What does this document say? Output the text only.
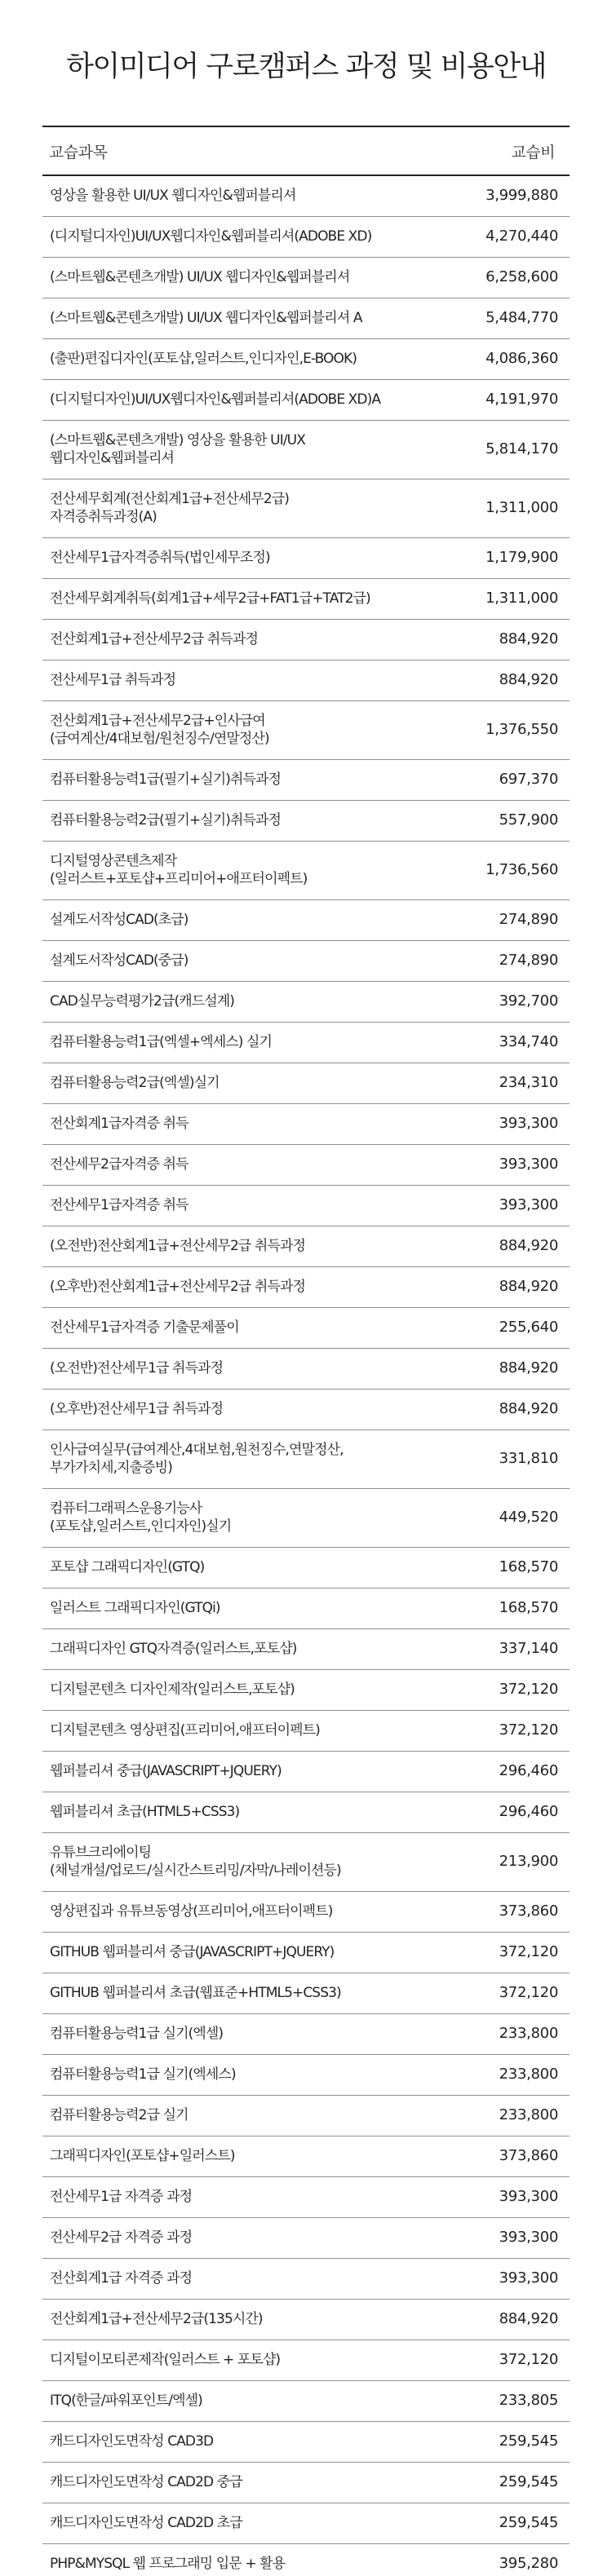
하이미디어 구로캠퍼스 과정 및 비용안내
교습과목	교습비
영상을 활용한 UI/UX 웹디자인&웹퍼블리셔	3,999,880
(디지털디자인)UI/UX웹디자인&웹퍼블리셔(ADOBE XD)	4,270,440
(스마트웹&콘텐츠개발) UI/UX 웹디자인&웹퍼블리셔	6,258,600
(스마트웹&콘텐츠개발) UI/UX 웹디자인&웹퍼블리셔 A	5,484,770
(출판)편집디자인(포토샵,일러스트,인디자인,E-BOOK)	4,086,360
(디지털디자인)UI/UX웹디자인&웹퍼블리셔(ADOBE XD)A	4,191,970
(스마트웹&콘텐츠개발) 영상을 활용한 UI/UX
웹디자인&웹퍼블리셔	5,814,170
전산세무회계(전산회계1급+전산세무2급)
자격증취득과정(A)	1,311,000
전산세무1급자격증취득(법인세무조정)	1,179,900
전산세무회계취득(회계1급+세무2급+FAT1급+TAT2급)	1,311,000
전산회계1급+전산세무2급 취득과정	884,920
전산세무1급 취득과정	884,920
전산회계1급+전산세무2급+인사급여
(급여계산/4대보험/원천징수/연말정산)	1,376,550
컴퓨터활용능력1급(필기+실기)취득과정	697,370
컴퓨터활용능력2급(필기+실기)취득과정	557,900
디지털영상콘텐츠제작
(일러스트+포토샵+프리미어+애프터이펙트)	1,736,560
설계도서작성CAD(초급)	274,890
설계도서작성CAD(중급)	274,890
CAD실무능력평가2급(캐드설계)	392,700
컴퓨터활용능력1급(엑셀+엑세스) 실기	334,740
컴퓨터활용능력2급(엑셀)실기	234,310
전산회계1급자격증 취득	393,300
전산세무2급자격증 취득	393,300
전산세무1급자격증 취득	393,300
(오전반)전산회계1급+전산세무2급 취득과정	884,920
(오후반)전산회계1급+전산세무2급 취득과정	884,920
전산세무1급자격증 기출문제풀이	255,640
(오전반)전산세무1급 취득과정	884,920
(오후반)전산세무1급 취득과정	884,920
인사급여실무(급여계산,4대보험,원천징수,연말정산,
부가가치세,지출증빙)	331,810
컴퓨터그래픽스운용기능사
(포토샵,일러스트,인디자인)실기	449,520
포토샵 그래픽디자인(GTQ)	168,570
일러스트 그래픽디자인(GTQi)	168,570
그래픽디자인 GTQ자격증(일러스트,포토샵)	337,140
디지털콘텐츠 디자인제작(일러스트,포토샵)	372,120
디지털콘텐츠 영상편집(프리미어,애프터이펙트)	372,120
웹퍼블리셔 중급(JAVASCRIPT+JQUERY)	296,460
웹퍼블리셔 초급(HTML5+CSS3)	296,460
유튜브크리에이팅
(채널개설/업로드/실시간스트리밍/자막/나레이션등)	213,900
영상편집과 유튜브동영상(프리미어,애프터이펙트)	373,860
GITHUB 웹퍼블리셔 중급(JAVASCRIPT+JQUERY)	372,120
GITHUB 웹퍼블리셔 초급(웹표준+HTML5+CSS3)	372,120
컴퓨터활용능력1급 실기(엑셀)	233,800
컴퓨터활용능력1급 실기(엑세스)	233,800
컴퓨터활용능력2급 실기	233,800
그래픽디자인(포토샵+일러스트)	373,860
전산세무1급 자격증 과정	393,300
전산세무2급 자격증 과정	393,300
전산회계1급 자격증 과정	393,300
전산회계1급+전산세무2급(135시간)	884,920
디지털이모티콘제작(일러스트 + 포토샵)	372,120
ITQ(한글/파워포인트/엑셀)	233,805
캐드디자인도면작성 CAD3D	259,545
캐드디자인도면작성 CAD2D 중급	259,545
캐드디자인도면작성 CAD2D 초급	259,545
PHP&MYSQL 웹 프로그래밍 입문 + 활용	395,280
